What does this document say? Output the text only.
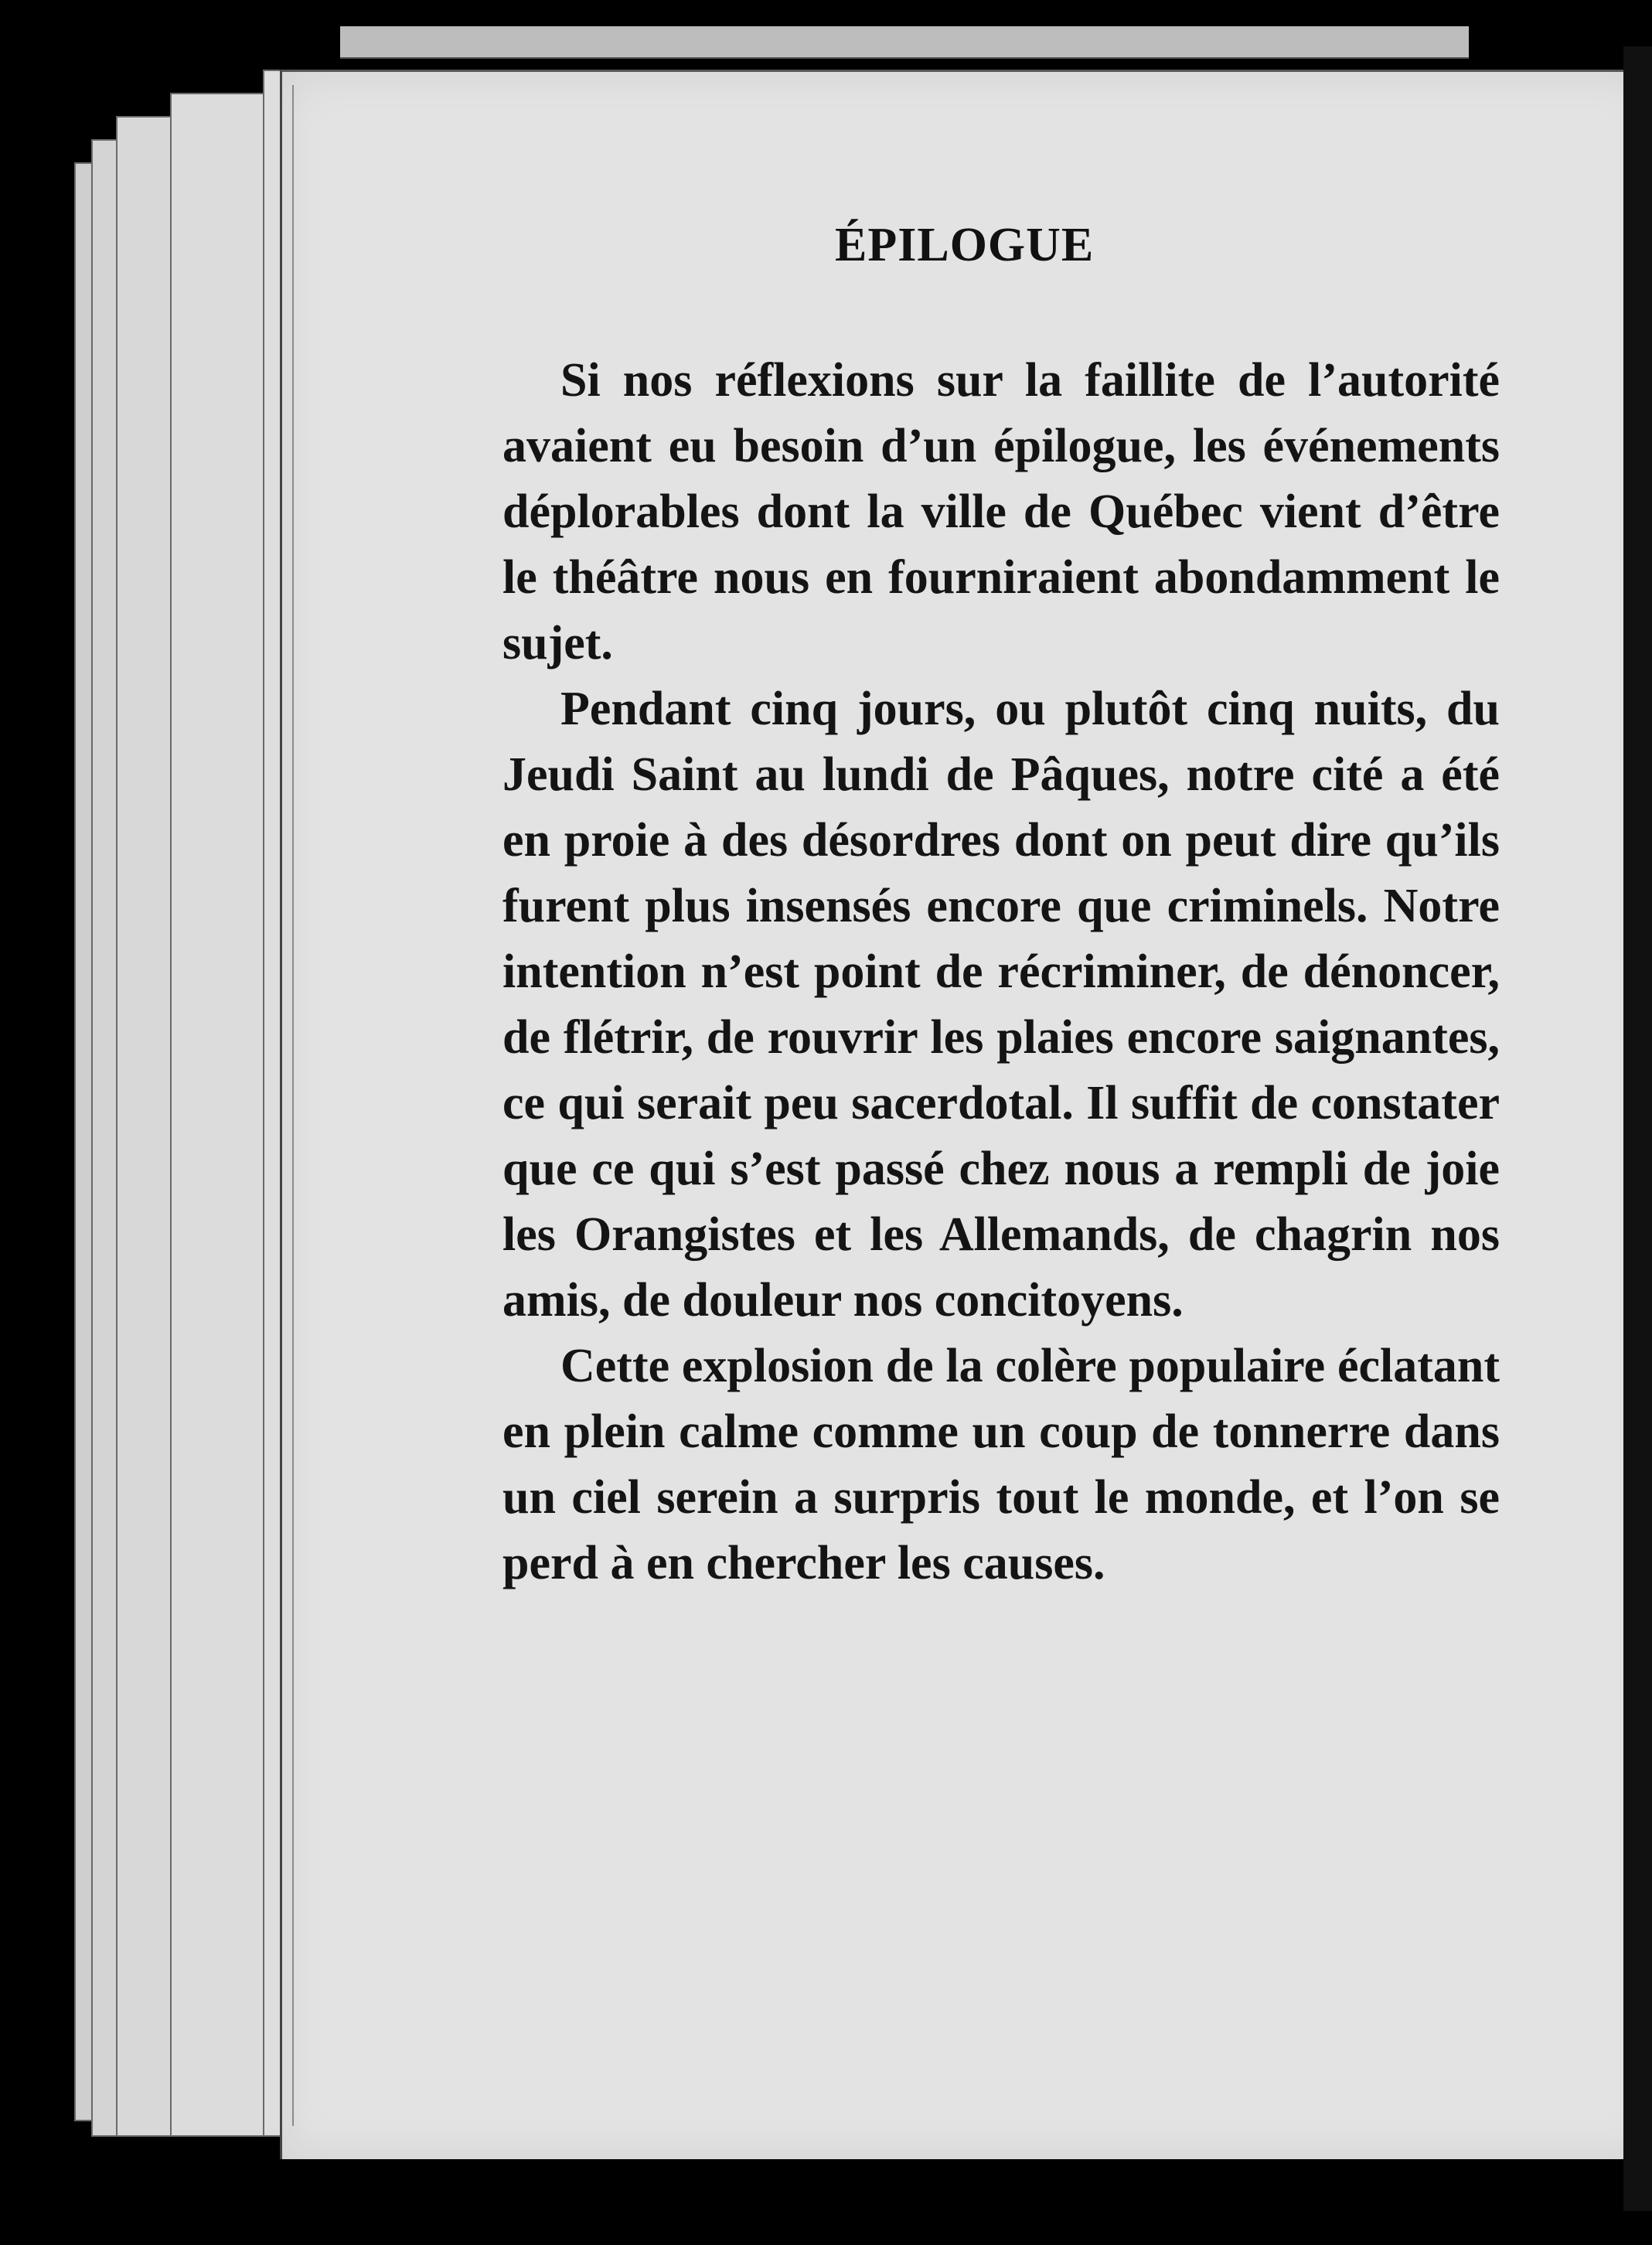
ÉPILOGUE

Si nos réflexions sur la faillite de l’autorité avaient eu besoin d’un épilogue, les événements déplorables dont la ville de Québec vient d’être le théâtre nous en fourniraient abondamment le sujet.

Pendant cinq jours, ou plutôt cinq nuits, du Jeudi Saint au lundi de Pâques, notre cité a été en proie à des désordres dont on peut dire qu’ils furent plus insensés encore que criminels. Notre intention n’est point de récriminer, de dénoncer, de flétrir, de rouvrir les plaies encore saignantes, ce qui serait peu sacerdotal. Il suffit de constater que ce qui s’est passé chez nous a rempli de joie les Orangistes et les Allemands, de chagrin nos amis, de douleur nos concitoyens.

Cette explosion de la colère populaire éclatant en plein calme comme un coup de tonnerre dans un ciel serein a surpris tout le monde, et l’on se perd à en chercher les causes.
